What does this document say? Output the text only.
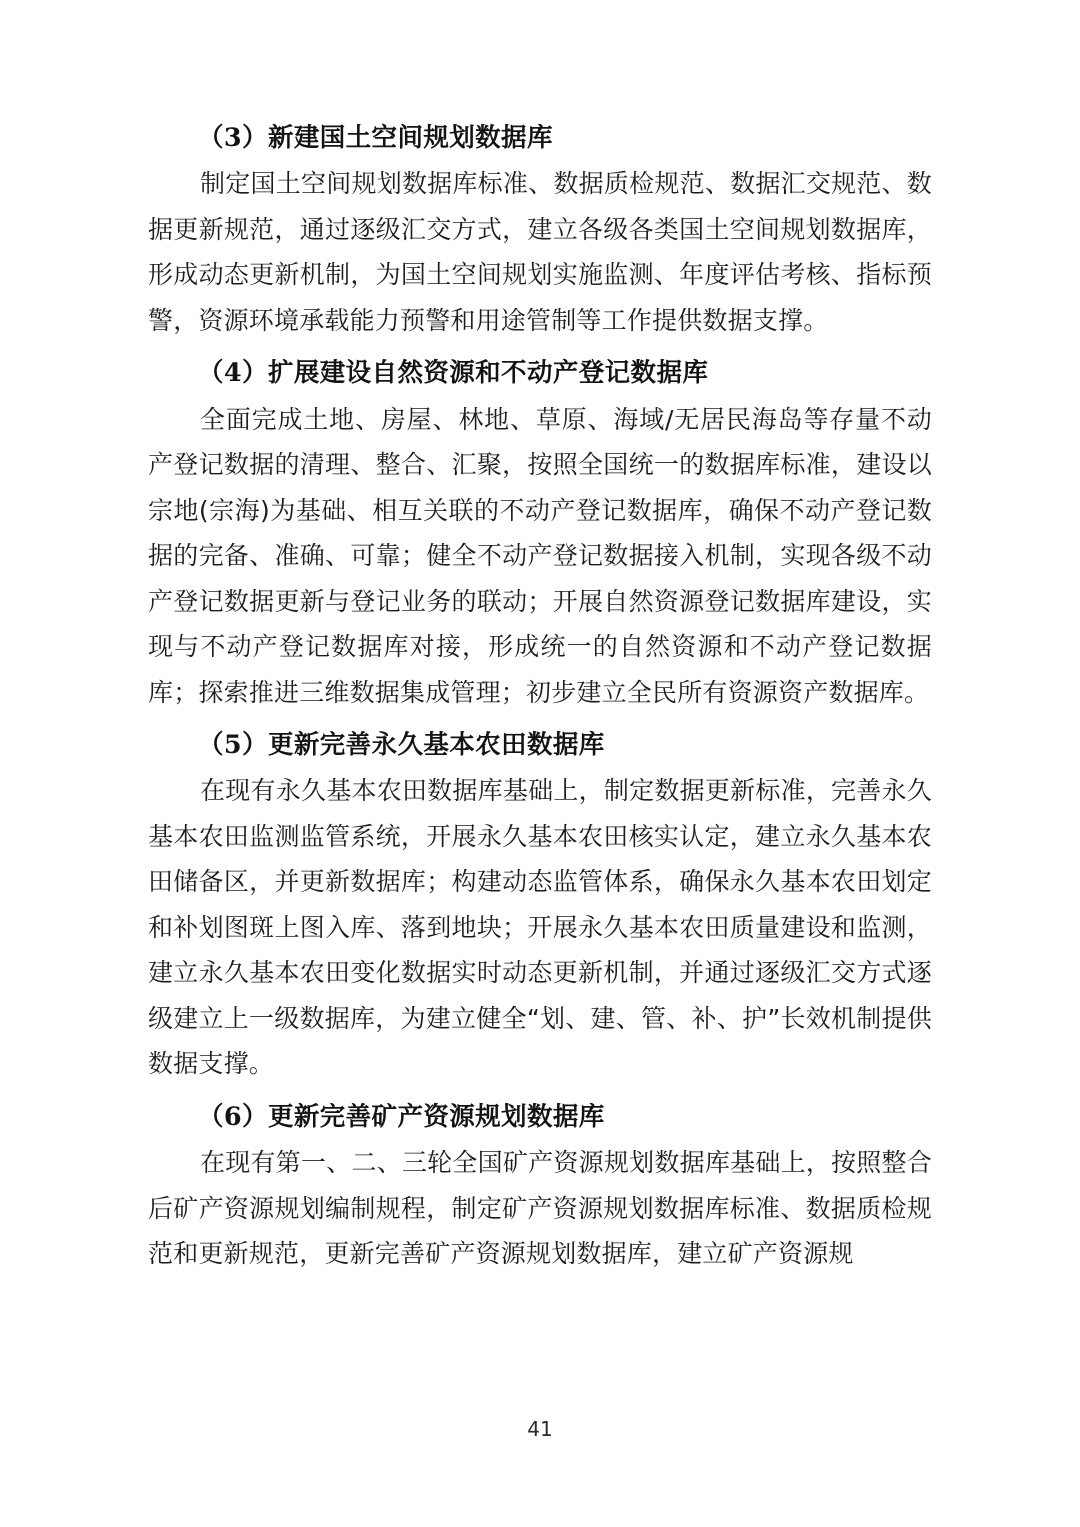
（3）新建国土空间规划数据库

制定国土空间规划数据库标准、数据质检规范、数据汇交规范、数据更新规范，通过逐级汇交方式，建立各级各类国土空间规划数据库，形成动态更新机制，为国土空间规划实施监测、年度评估考核、指标预警，资源环境承载能力预警和用途管制等工作提供数据支撑。

（4）扩展建设自然资源和不动产登记数据库

全面完成土地、房屋、林地、草原、海域/无居民海岛等存量不动产登记数据的清理、整合、汇聚，按照全国统一的数据库标准，建设以宗地(宗海)为基础、相互关联的不动产登记数据库，确保不动产登记数据的完备、准确、可靠；健全不动产登记数据接入机制，实现各级不动产登记数据更新与登记业务的联动；开展自然资源登记数据库建设，实现与不动产登记数据库对接，形成统一的自然资源和不动产登记数据库；探索推进三维数据集成管理；初步建立全民所有资源资产数据库。

（5）更新完善永久基本农田数据库

在现有永久基本农田数据库基础上，制定数据更新标准，完善永久基本农田监测监管系统，开展永久基本农田核实认定，建立永久基本农田储备区，并更新数据库；构建动态监管体系，确保永久基本农田划定和补划图斑上图入库、落到地块；开展永久基本农田质量建设和监测，建立永久基本农田变化数据实时动态更新机制，并通过逐级汇交方式逐级建立上一级数据库，为建立健全“划、建、管、补、护”长效机制提供数据支撑。

（6）更新完善矿产资源规划数据库

在现有第一、二、三轮全国矿产资源规划数据库基础上，按照整合后矿产资源规划编制规程，制定矿产资源规划数据库标准、数据质检规范和更新规范，更新完善矿产资源规划数据库，建立矿产资源规

41
